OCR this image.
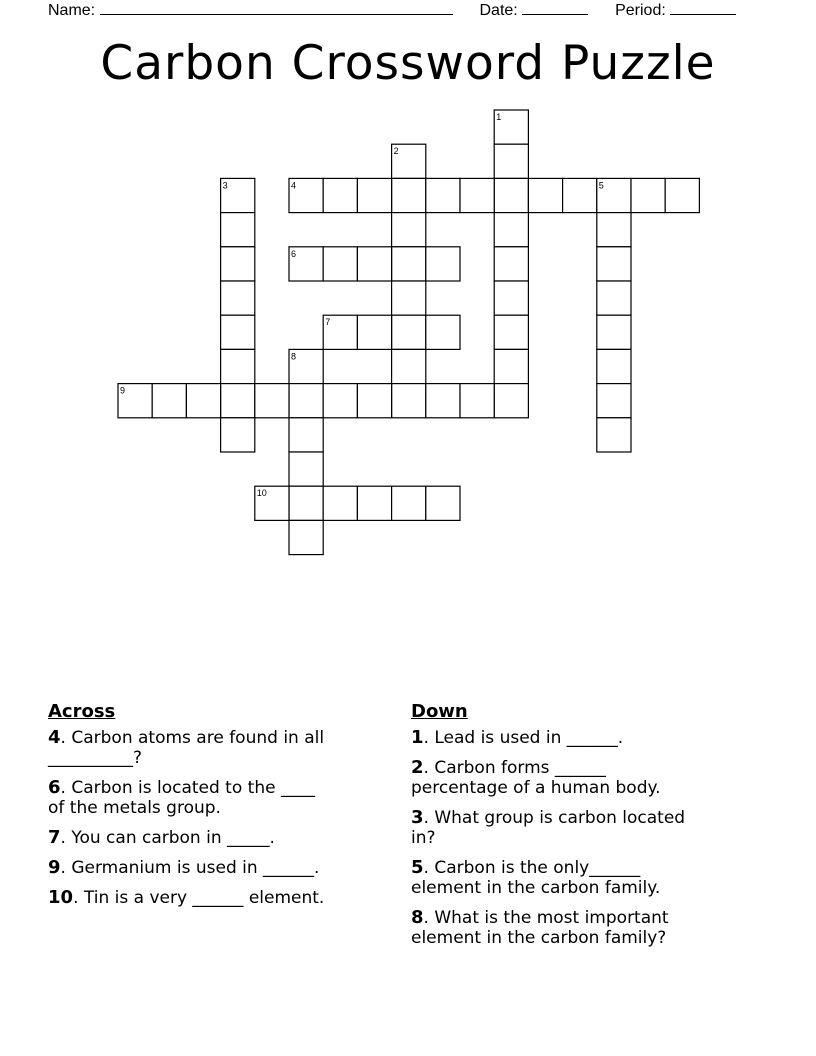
Name:	Date:	Period:
Carbon Crossword Puzzle
1
2
3	4	5
6
7
8
9
10
Across
4. Carbon atoms are found in all
__________?
6. Carbon is located to the ____
of the metals group.
7. You can carbon in _____.
9. Germanium is used in ______.
10. Tin is a very ______ element.
Down
1. Lead is used in ______.
2. Carbon forms ______
percentage of a human body.
3. What group is carbon located
in?
5. Carbon is the only______
element in the carbon family.
8. What is the most important
element in the carbon family?
